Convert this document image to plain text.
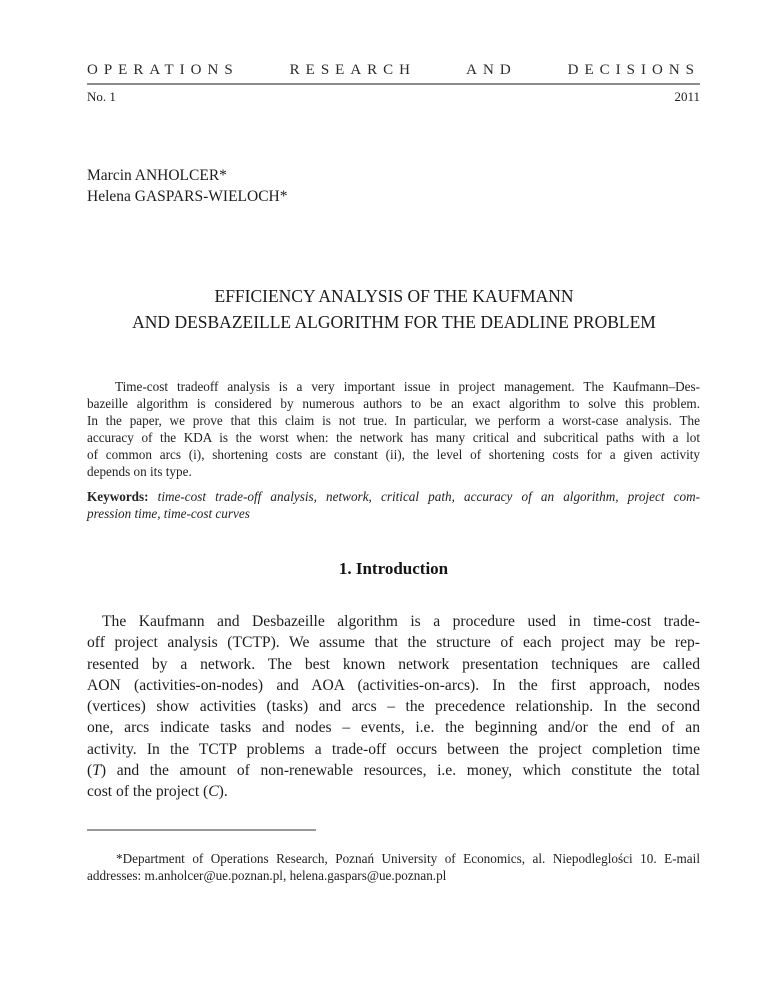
OPERATIONS RESEARCH AND DECISIONS
No. 1	2011
Marcin ANHOLCER*
Helena GASPARS-WIELOCH*
EFFICIENCY ANALYSIS OF THE KAUFMANN
AND DESBAZEILLE ALGORITHM FOR THE DEADLINE PROBLEM
Time-cost tradeoff analysis is a very important issue in project management. The Kaufmann–Des-
bazeille algorithm is considered by numerous authors to be an exact algorithm to solve this problem.
In the paper, we prove that this claim is not true. In particular, we perform a worst-case analysis. The
accuracy of the KDA is the worst when: the network has many critical and subcritical paths with a lot
of common arcs (i), shortening costs are constant (ii), the level of shortening costs for a given activity
depends on its type.
Keywords: time-cost trade-off analysis, network, critical path, accuracy of an algorithm, project com-
pression time, time-cost curves
1. Introduction
The Kaufmann and Desbazeille algorithm is a procedure used in time-cost trade-
off project analysis (TCTP). We assume that the structure of each project may be rep-
resented by a network. The best known network presentation techniques are called
AON (activities-on-nodes) and AOA (activities-on-arcs). In the first approach, nodes
(vertices) show activities (tasks) and arcs – the precedence relationship. In the second
one, arcs indicate tasks and nodes – events, i.e. the beginning and/or the end of an
activity. In the TCTP problems a trade-off occurs between the project completion time
(T) and the amount of non-renewable resources, i.e. money, which constitute the total
cost of the project (C).
*Department of Operations Research, Poznań University of Economics, al. Niepodleglości 10. E-mail
addresses: m.anholcer@ue.poznan.pl, helena.gaspars@ue.poznan.pl
